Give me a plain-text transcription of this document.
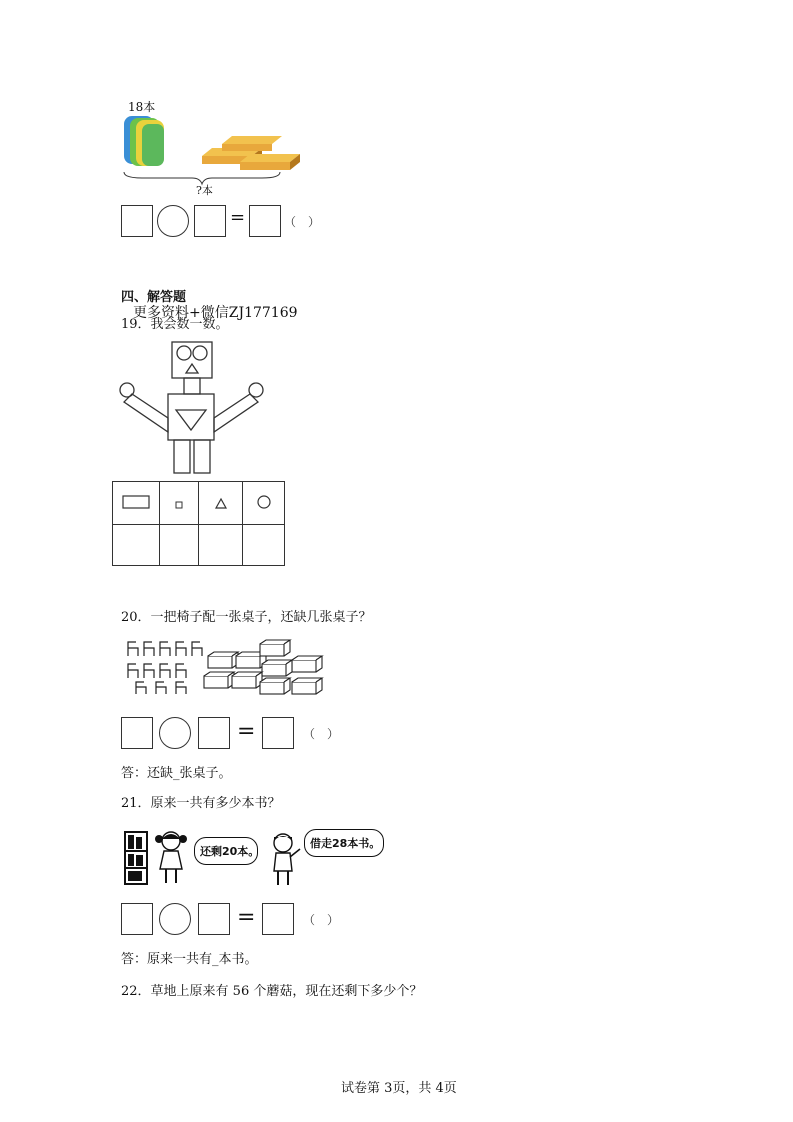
18本
?本
=	（　）
四、解答题
更多资料+微信ZJ177169
19．我会数一数。

20．一把椅子配一张桌子，还缺几张桌子？
=	（　）
答：还缺_张桌子。
21．原来一共有多少本书？
还剩20本。
借走28本书。
=	（　）
答：原来一共有_本书。
22．草地上原来有 56 个蘑菇，现在还剩下多少个？
试卷第 3页，共 4页
